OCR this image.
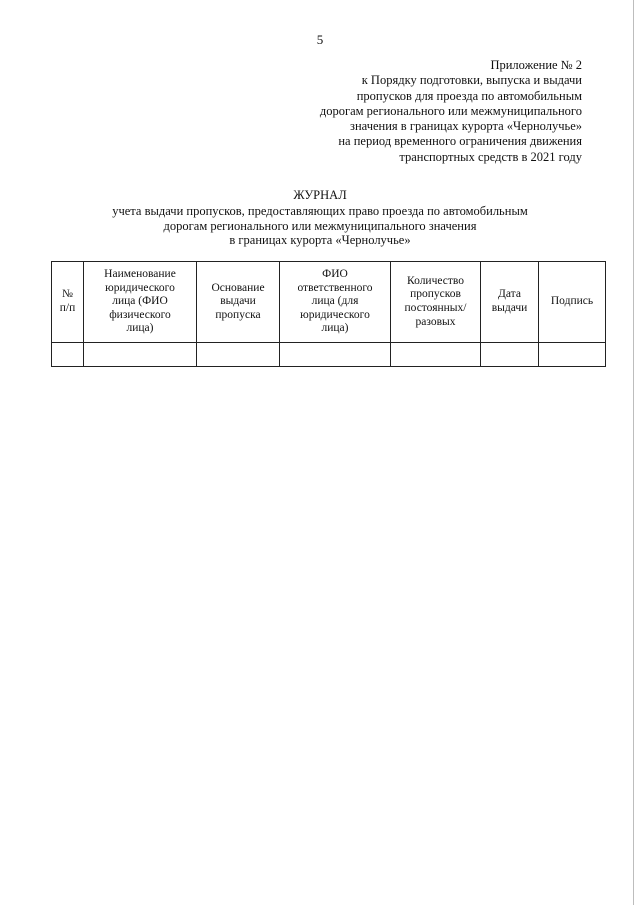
5
Приложение № 2
к Порядку подготовки, выпуска и выдачи
пропусков для проезда по автомобильным
дорогам регионального или межмуниципального
значения в границах курорта «Чернолучье»
на период временного ограничения движения
транспортных средств в 2021 году
ЖУРНАЛ
учета выдачи пропусков, предоставляющих право проезда по автомобильным
дорогам регионального или межмуниципального значения
в границах курорта «Чернолучье»
№
п/п	Наименование
юридического
лица (ФИО
физического
лица)	Основание
выдачи
пропуска	ФИО
ответственного
лица (для
юридического
лица)	Количество
пропусков
постоянных/
разовых	Дата
выдачи	Подпись
